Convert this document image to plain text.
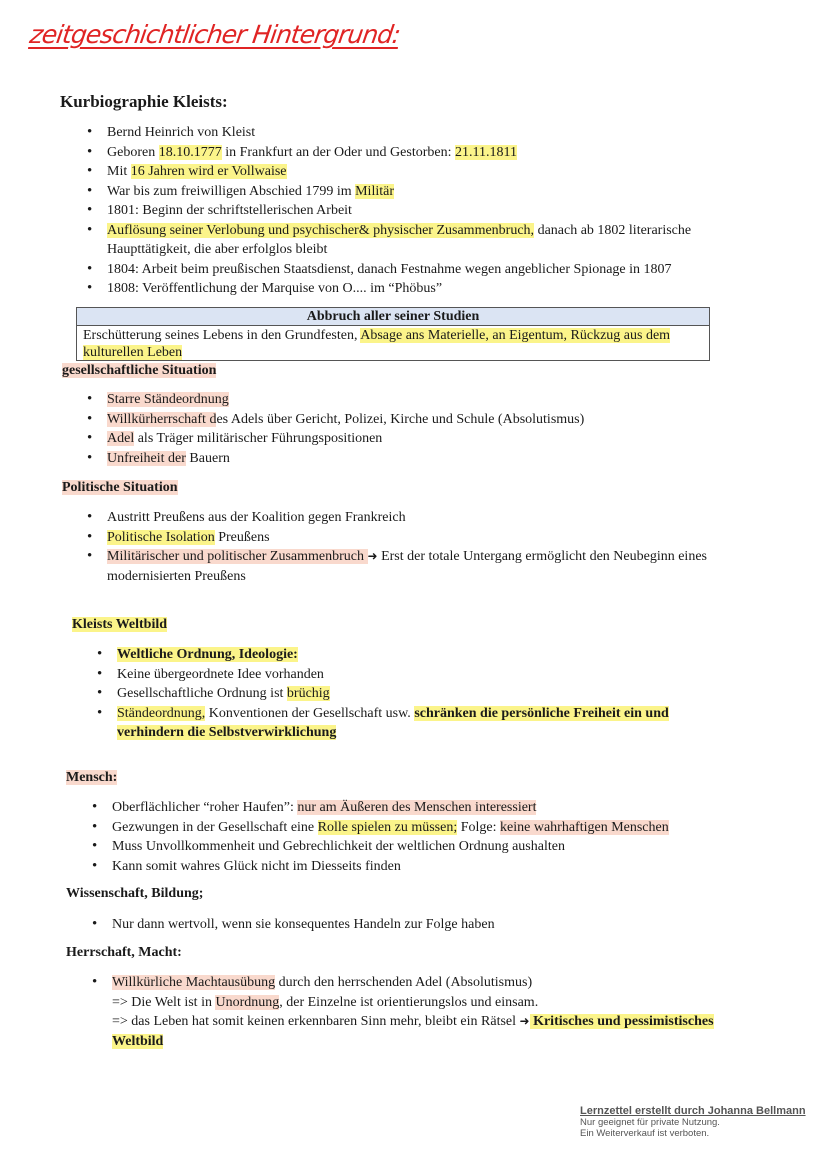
zeitgeschichtlicher Hintergrund:
Kurbiographie Kleists:
• Bernd Heinrich von Kleist
• Geboren 18.10.1777 in Frankfurt an der Oder und Gestorben: 21.11.1811
• Mit 16 Jahren wird er Vollwaise
• War bis zum freiwilligen Abschied 1799 im Militär
• 1801: Beginn der schriftstellerischen Arbeit
• Auflösung seiner Verlobung und psychischer& physischer Zusammenbruch, danach ab 1802 literarische Haupttätigkeit, die aber erfolglos bleibt
• 1804: Arbeit beim preußischen Staatsdienst, danach Festnahme wegen angeblicher Spionage in 1807
• 1808: Veröffentlichung der Marquise von O.... im “Phöbus”
Abbruch aller seiner Studien
Erschütterung seines Lebens in den Grundfesten, Absage ans Materielle, an Eigentum, Rückzug aus dem kulturellen Leben
gesellschaftliche Situation
• Starre Ständeordnung
• Willkürherrschaft des Adels über Gericht, Polizei, Kirche und Schule (Absolutismus)
• Adel als Träger militärischer Führungspositionen
• Unfreiheit der Bauern
Politische Situation
• Austritt Preußens aus der Koalition gegen Frankreich
• Politische Isolation Preußens
• Militärischer und politischer Zusammenbruch ➜ Erst der totale Untergang ermöglicht den Neubeginn eines modernisierten Preußens
Kleists Weltbild
• Weltliche Ordnung, Ideologie:
• Keine übergeordnete Idee vorhanden
• Gesellschaftliche Ordnung ist brüchig
• Ständeordnung, Konventionen der Gesellschaft usw. schränken die persönliche Freiheit ein und verhindern die Selbstverwirklichung
Mensch:
• Oberflächlicher “roher Haufen”: nur am Äußeren des Menschen interessiert
• Gezwungen in der Gesellschaft eine Rolle spielen zu müssen; Folge: keine wahrhaftigen Menschen
• Muss Unvollkommenheit und Gebrechlichkeit der weltlichen Ordnung aushalten
• Kann somit wahres Glück nicht im Diesseits finden
Wissenschaft, Bildung;
• Nur dann wertvoll, wenn sie konsequentes Handeln zur Folge haben
Herrschaft, Macht:
• Willkürliche Machtausübung durch den herrschenden Adel (Absolutismus)
=> Die Welt ist in Unordnung, der Einzelne ist orientierungslos und einsam.
=> das Leben hat somit keinen erkennbaren Sinn mehr, bleibt ein Rätsel ➜ Kritisches und pessimistisches Weltbild
Lernzettel erstellt durch Johanna Bellmann
Nur geeignet für private Nutzung.
Ein Weiterverkauf ist verboten.
